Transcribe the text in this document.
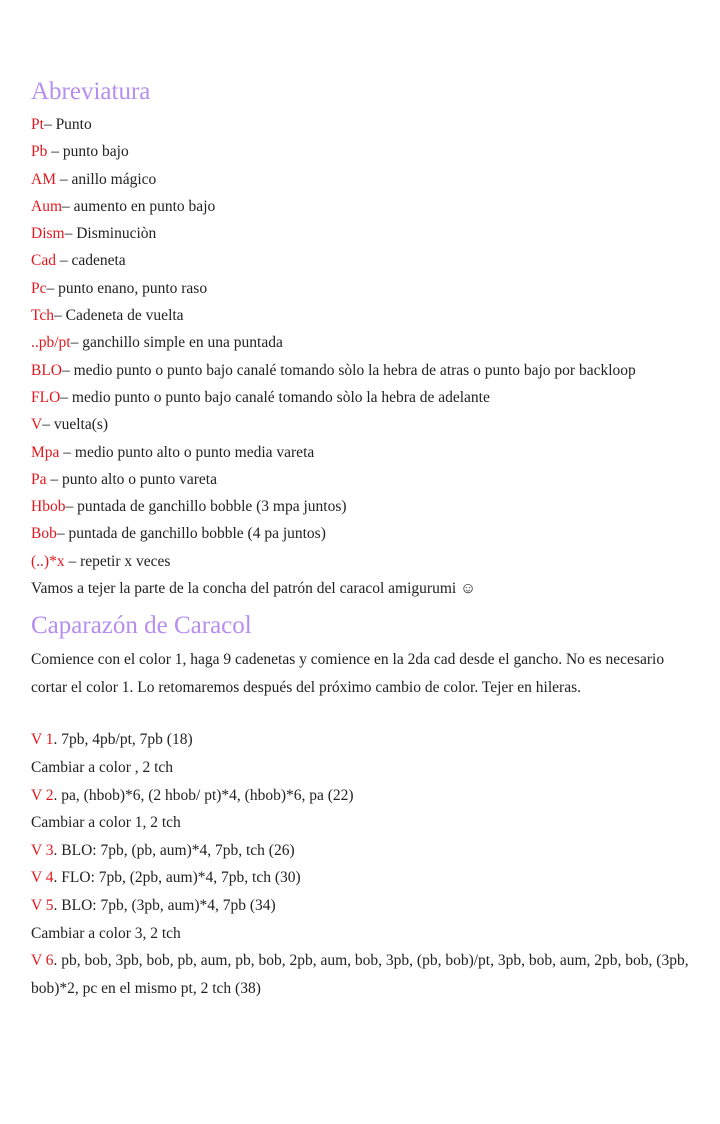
Abreviatura
Pt– Punto
Pb – punto bajo
AM – anillo mágico
Aum– aumento en punto bajo
Dism– Disminuciòn
Cad – cadeneta
Pc– punto enano, punto raso
Tch– Cadeneta de vuelta
..pb/pt– ganchillo simple en una puntada
BLO– medio punto o punto bajo canalé tomando sòlo la hebra de atras o punto bajo por backloop
FLO– medio punto o punto bajo canalé tomando sòlo la hebra de adelante
V– vuelta(s)
Mpa – medio punto alto o punto media vareta
Pa – punto alto o punto vareta
Hbob– puntada de ganchillo bobble (3 mpa juntos)
Bob– puntada de ganchillo bobble (4 pa juntos)
(..)*x – repetir x veces
Vamos a tejer la parte de la concha del patrón del caracol amigurumi ☺
Caparazón de Caracol
Comience con el color 1, haga 9 cadenetas y comience en la 2da cad desde el gancho. No es necesario cortar el color 1. Lo retomaremos después del próximo cambio de color. Tejer en hileras.
V 1. 7pb, 4pb/pt, 7pb (18)
Cambiar a color , 2 tch
V 2. pa, (hbob)*6, (2 hbob/ pt)*4, (hbob)*6, pa (22)
Cambiar a color 1, 2 tch
V 3. BLO: 7pb, (pb, aum)*4, 7pb, tch (26)
V 4. FLO: 7pb, (2pb, aum)*4, 7pb, tch (30)
V 5. BLO: 7pb, (3pb, aum)*4, 7pb (34)
Cambiar a color 3, 2 tch
V 6. pb, bob, 3pb, bob, pb, aum, pb, bob, 2pb, aum, bob, 3pb, (pb, bob)/pt, 3pb, bob, aum, 2pb, bob, (3pb, bob)*2, pc en el mismo pt, 2 tch (38)
